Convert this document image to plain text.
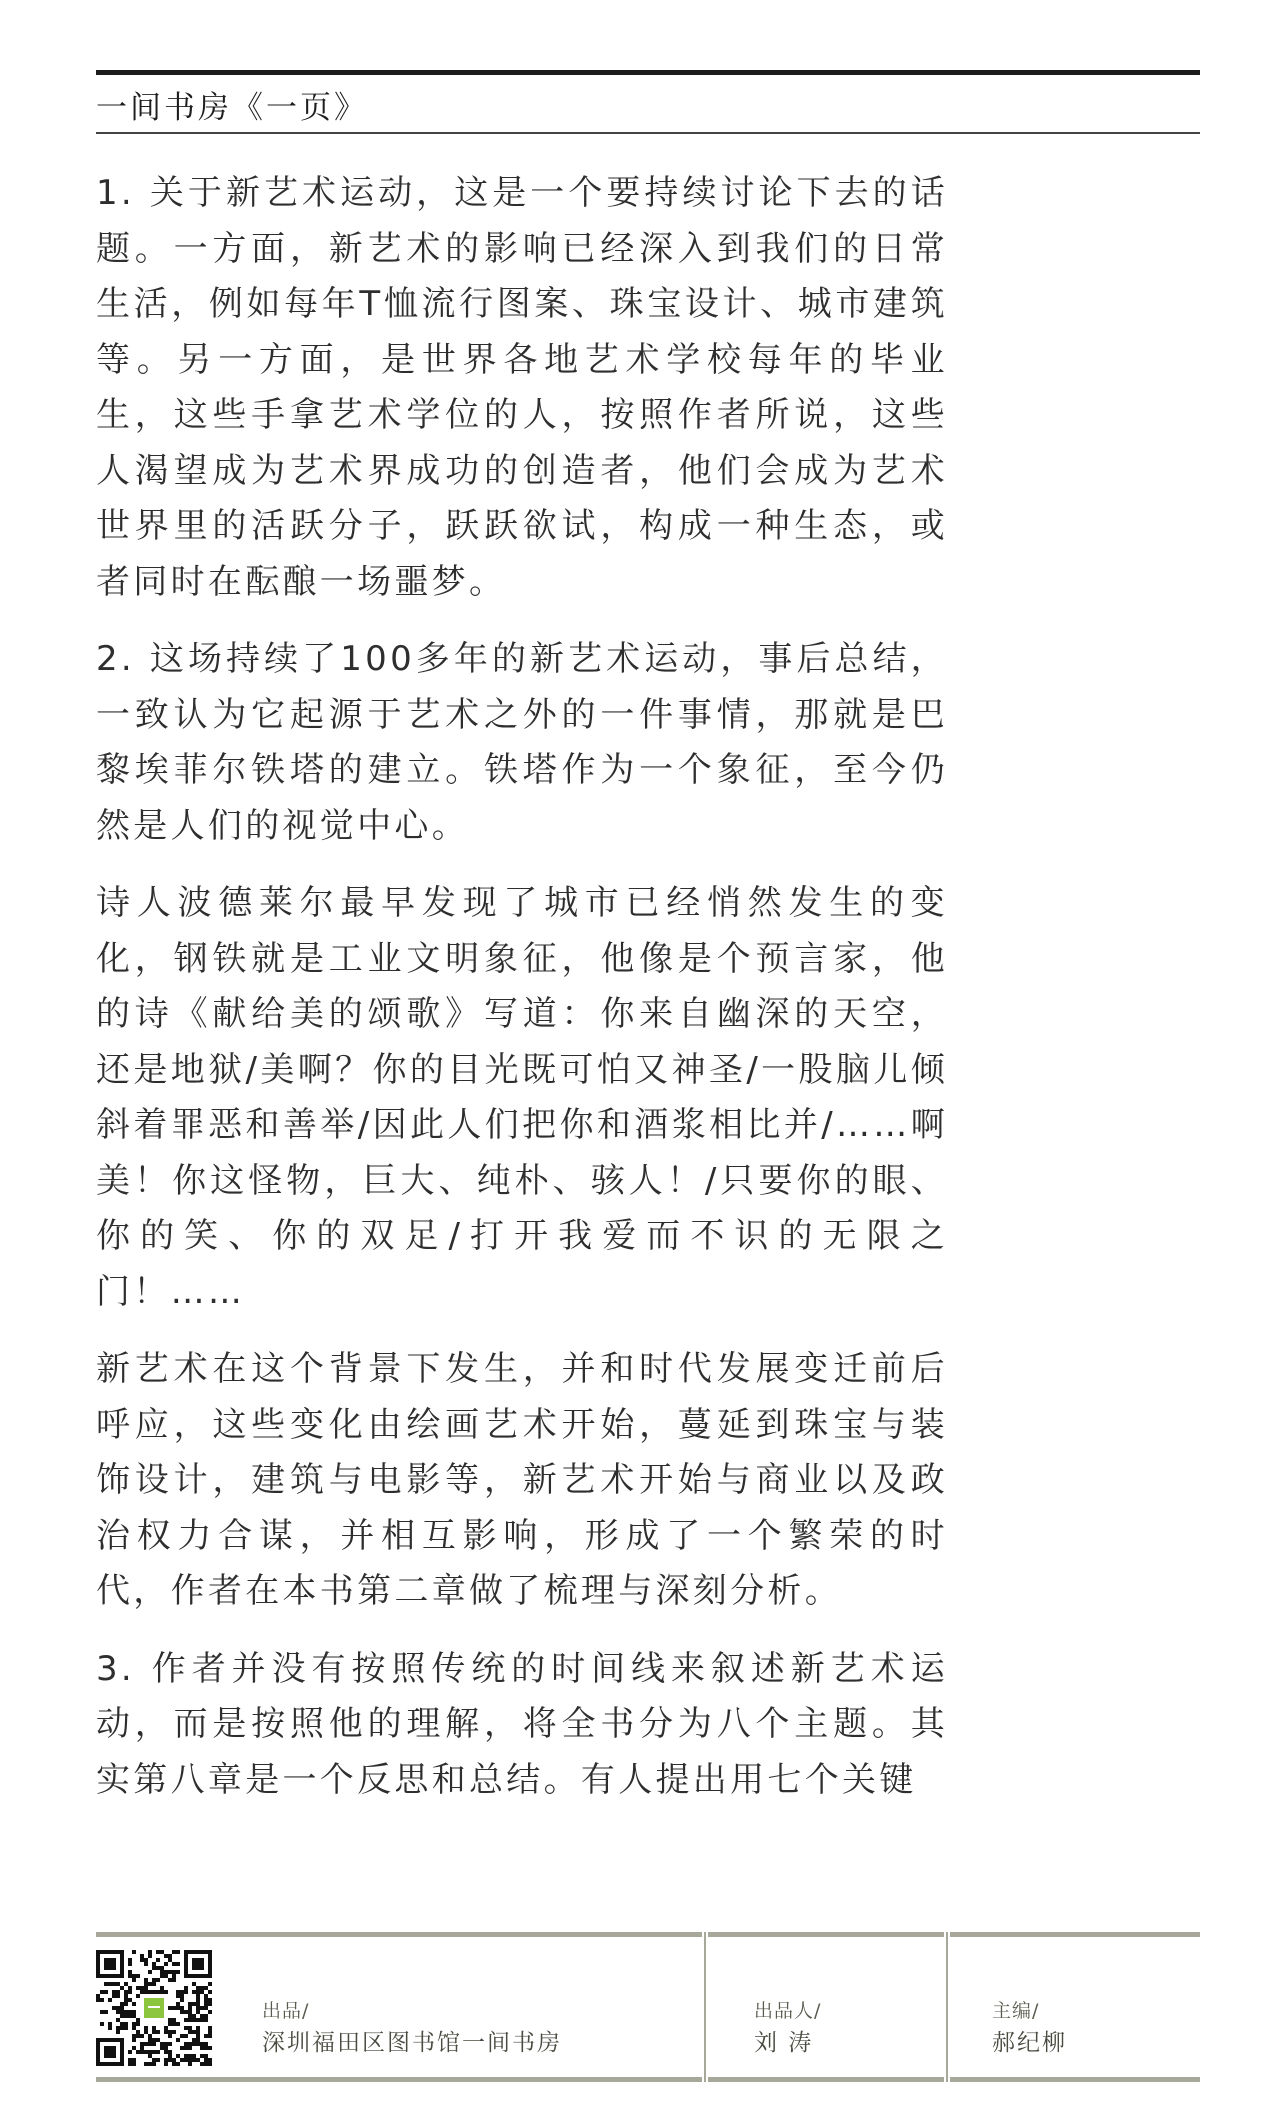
一间书房《一页》

1. 关于新艺术运动，这是一个要持续讨论下去的话题。一方面，新艺术的影响已经深入到我们的日常生活，例如每年T恤流行图案、珠宝设计、城市建筑等。另一方面，是世界各地艺术学校每年的毕业生，这些手拿艺术学位的人，按照作者所说，这些人渴望成为艺术界成功的创造者，他们会成为艺术世界里的活跃分子，跃跃欲试，构成一种生态，或者同时在酝酿一场噩梦。

2. 这场持续了100多年的新艺术运动，事后总结，一致认为它起源于艺术之外的一件事情，那就是巴黎埃菲尔铁塔的建立。铁塔作为一个象征，至今仍然是人们的视觉中心。

诗人波德莱尔最早发现了城市已经悄然发生的变化，钢铁就是工业文明象征，他像是个预言家，他的诗《献给美的颂歌》写道：你来自幽深的天空，还是地狱/美啊？你的目光既可怕又神圣/一股脑儿倾斜着罪恶和善举/因此人们把你和酒浆相比并/……啊美！你这怪物，巨大、纯朴、骇人！/只要你的眼、你的笑、你的双足/打开我爱而不识的无限之门！……

新艺术在这个背景下发生，并和时代发展变迁前后呼应，这些变化由绘画艺术开始，蔓延到珠宝与装饰设计，建筑与电影等，新艺术开始与商业以及政治权力合谋，并相互影响，形成了一个繁荣的时代，作者在本书第二章做了梳理与深刻分析。

3. 作者并没有按照传统的时间线来叙述新艺术运动，而是按照他的理解，将全书分为八个主题。其实第八章是一个反思和总结。有人提出用七个关键

出品/
深圳福田区图书馆一间书房
出品人/
刘 涛
主编/
郝纪柳
